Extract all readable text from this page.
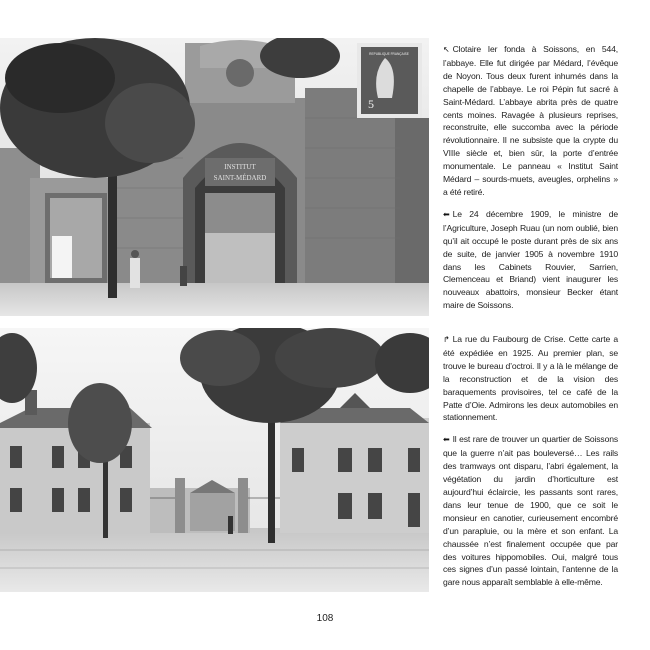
INSTITUT
SAINT-MÉDARD
5
REPUBLIQUE FRANÇAISE	↖ Clotaire Ier fonda à Soissons, en 544, l’abbaye. Elle fut dirigée par Médard, l’évêque de Noyon. Tous deux furent inhumés dans la chapelle de l’abbaye. Le roi Pépin fut sacré à Saint-Médard. L’abbaye abrita près de quatre cents moines. Ravagée à plusieurs reprises, reconstruite, elle succomba avec la période révolutionnaire. Il ne subsiste que la crypte du VIIIe siècle et, bien sûr, la porte d’entrée monumentale. Le panneau « Institut Saint Médard – sourds-muets, aveugles, orphelins » a été retiré.

⬅ Le 24 décembre 1909, le ministre de l’Agriculture, Joseph Ruau (un nom oublié, bien qu’il ait occupé le poste durant près de six ans de suite, de janvier 1905 à novembre 1910 dans les Cabinets Rouvier, Sarrien, Clemenceau et Briand) vient inaugurer les nouveaux abattoirs, monsieur Becker étant maire de Soissons.

↱ La rue du Faubourg de Crise. Cette carte a été expédiée en 1925. Au premier plan, se trouve le bureau d’octroi. Il y a là le mélange de la reconstruction et de la vision des baraquements provisoires, tel ce café de la Patte d’Oie. Admirons les deux automobiles en stationnement.

⬅ Il est rare de trouver un quartier de Soissons que la guerre n’ait pas bouleversé… Les rails des tramways ont disparu, l’abri également, la végétation du jardin d’horticulture est aujourd’hui éclaircie, les passants sont rares, dans leur tenue de 1900, que ce soit le monsieur en canotier, curieusement encombré d’un parapluie, ou la mère et son enfant. La chaussée n’est finalement occupée que par des voitures hippomobiles. Oui, malgré tous ces signes d’un passé lointain, l’antenne de la gare nous apparaît semblable à elle-même.

108
